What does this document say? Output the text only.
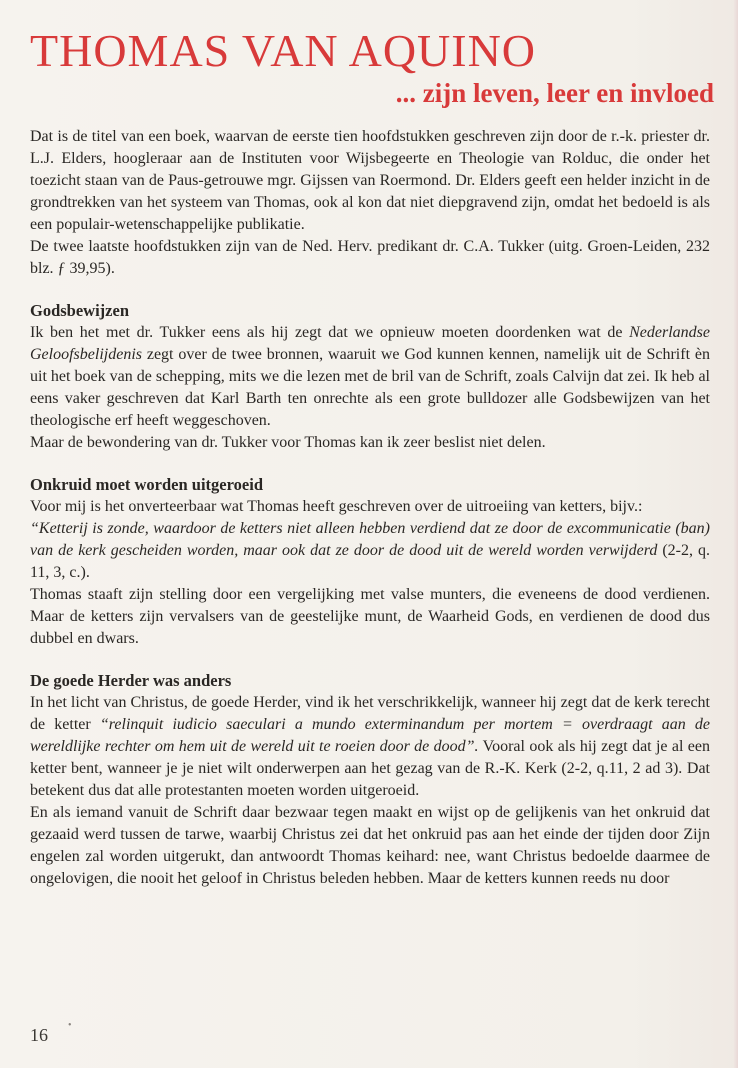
THOMAS VAN AQUINO
... zijn leven, leer en invloed

Dat is de titel van een boek, waarvan de eerste tien hoofdstukken geschreven zijn door de r.-k. priester dr. L.J. Elders, hoogleraar aan de Instituten voor Wijsbegeerte en Theologie van Rolduc, die onder het toezicht staan van de Paus-getrouwe mgr. Gijssen van Roermond. Dr. Elders geeft een helder inzicht in de grondtrekken van het systeem van Thomas, ook al kon dat niet diepgravend zijn, omdat het bedoeld is als een populair-wetenschappelijke publikatie.

De twee laatste hoofdstukken zijn van de Ned. Herv. predikant dr. C.A. Tukker (uitg. Groen-Leiden, 232 blz. ƒ 39,95).

Godsbewijzen

Ik ben het met dr. Tukker eens als hij zegt dat we opnieuw moeten doordenken wat de Nederlandse Geloofsbelijdenis zegt over de twee bronnen, waaruit we God kunnen kennen, namelijk uit de Schrift èn uit het boek van de schepping, mits we die lezen met de bril van de Schrift, zoals Calvijn dat zei. Ik heb al eens vaker geschreven dat Karl Barth ten onrechte als een grote bulldozer alle Godsbewijzen van het theologische erf heeft weggeschoven.

Maar de bewondering van dr. Tukker voor Thomas kan ik zeer beslist niet delen.

Onkruid moet worden uitgeroeid

Voor mij is het onverteerbaar wat Thomas heeft geschreven over de uitroeiing van ketters, bijv.:

“Ketterij is zonde, waardoor de ketters niet alleen hebben verdiend dat ze door de excommunicatie (ban) van de kerk gescheiden worden, maar ook dat ze door de dood uit de wereld worden verwijderd (2-2, q. 11, 3, c.).

Thomas staaft zijn stelling door een vergelijking met valse munters, die eveneens de dood verdienen. Maar de ketters zijn vervalsers van de geestelijke munt, de Waarheid Gods, en verdienen de dood dus dubbel en dwars.

De goede Herder was anders

In het licht van Christus, de goede Herder, vind ik het verschrikkelijk, wanneer hij zegt dat de kerk terecht de ketter “relinquit iudicio saeculari a mundo exterminandum per mortem = overdraagt aan de wereldlijke rechter om hem uit de wereld uit te roeien door de dood”. Vooral ook als hij zegt dat je al een ketter bent, wanneer je je niet wilt onderwerpen aan het gezag van de R.-K. Kerk (2-2, q.11, 2 ad 3). Dat betekent dus dat alle protestanten moeten worden uitgeroeid.

En als iemand vanuit de Schrift daar bezwaar tegen maakt en wijst op de gelijkenis van het onkruid dat gezaaid werd tussen de tarwe, waarbij Christus zei dat het onkruid pas aan het einde der tijden door Zijn engelen zal worden uitgerukt, dan antwoordt Thomas keihard: nee, want Christus bedoelde daarmee de ongelovigen, die nooit het geloof in Christus beleden hebben. Maar de ketters kunnen reeds nu door

16 •
